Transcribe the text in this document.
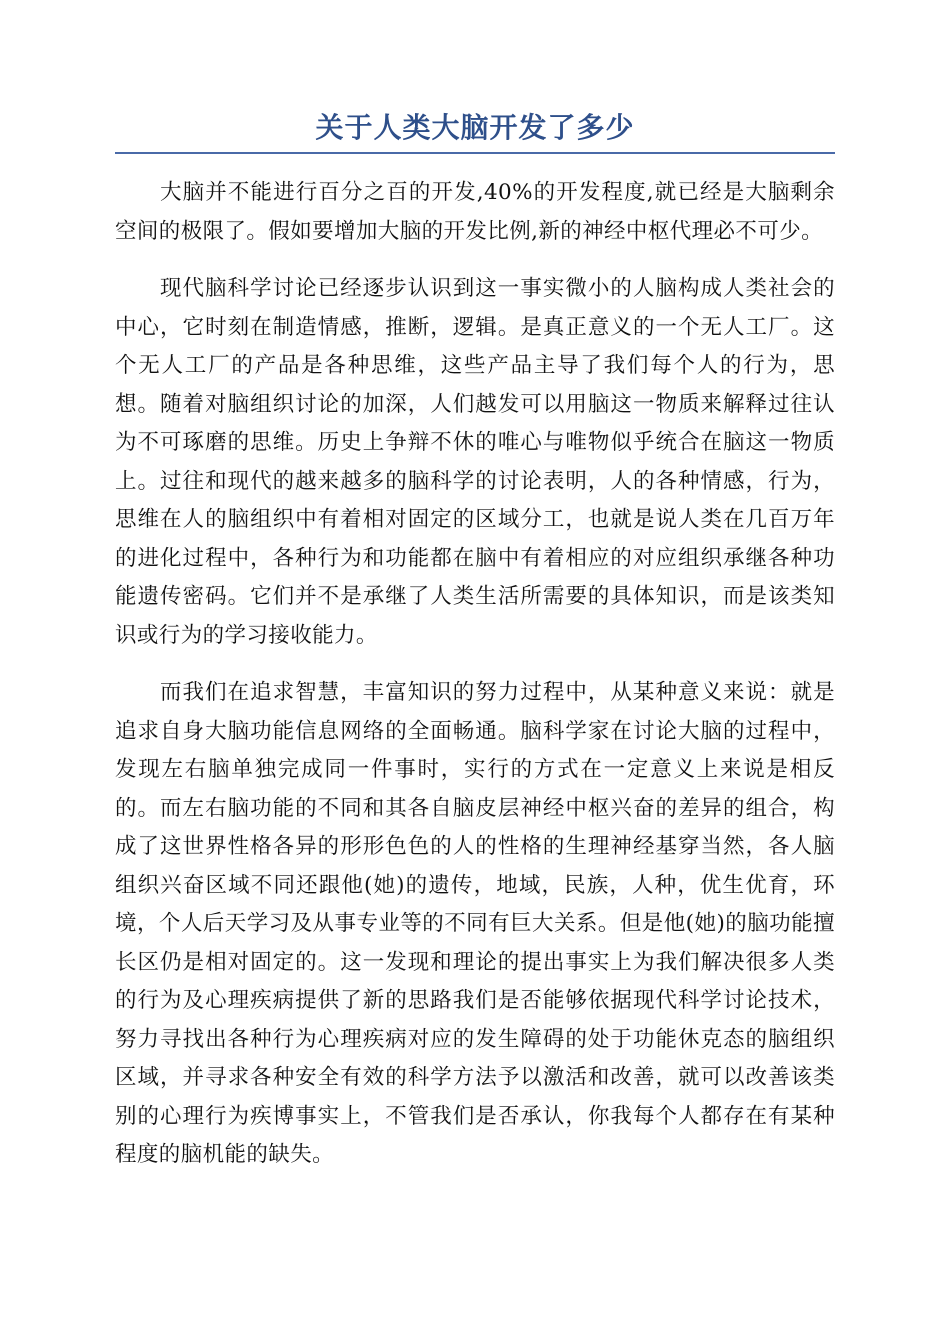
关于人类大脑开发了多少

大脑并不能进行百分之百的开发,40%的开发程度,就已经是大脑剩余空间的极限了。假如要增加大脑的开发比例,新的神经中枢代理必不可少。

现代脑科学讨论已经逐步认识到这一事实微小的人脑构成人类社会的中心，它时刻在制造情感，推断，逻辑。是真正意义的一个无人工厂。这个无人工厂的产品是各种思维，这些产品主导了我们每个人的行为，思想。随着对脑组织讨论的加深，人们越发可以用脑这一物质来解释过往认为不可琢磨的思维。历史上争辩不休的唯心与唯物似乎统合在脑这一物质上。过往和现代的越来越多的脑科学的讨论表明，人的各种情感，行为，思维在人的脑组织中有着相对固定的区域分工，也就是说人类在几百万年的进化过程中，各种行为和功能都在脑中有着相应的对应组织承继各种功能遗传密码。它们并不是承继了人类生活所需要的具体知识，而是该类知识或行为的学习接收能力。

而我们在追求智慧，丰富知识的努力过程中，从某种意义来说：就是追求自身大脑功能信息网络的全面畅通。脑科学家在讨论大脑的过程中，发现左右脑单独完成同一件事时，实行的方式在一定意义上来说是相反的。而左右脑功能的不同和其各自脑皮层神经中枢兴奋的差异的组合，构成了这世界性格各异的形形色色的人的性格的生理神经基穿当然，各人脑组织兴奋区域不同还跟他(她)的遗传，地域，民族，人种，优生优育，环境，个人后天学习及从事专业等的不同有巨大关系。但是他(她)的脑功能擅长区仍是相对固定的。这一发现和理论的提出事实上为我们解决很多人类的行为及心理疾病提供了新的思路我们是否能够依据现代科学讨论技术，努力寻找出各种行为心理疾病对应的发生障碍的处于功能休克态的脑组织区域，并寻求各种安全有效的科学方法予以激活和改善，就可以改善该类别的心理行为疾博事实上，不管我们是否承认，你我每个人都存在有某种程度的脑机能的缺失。
